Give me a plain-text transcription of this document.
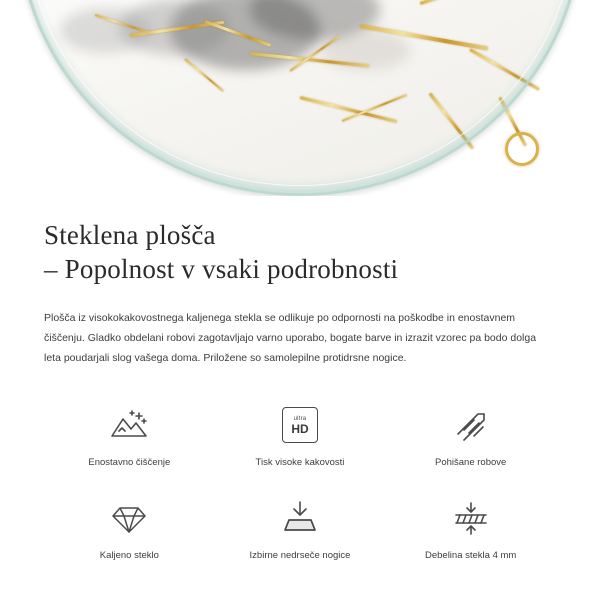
Steklena plošča
– Popolnost v vsaki podrobnosti

Plošča iz visokokakovostnega kaljenega stekla se odlikuje po odpornosti na poškodbe in enostavnem čiščenju. Gladko obdelani robovi zagotavljajo varno uporabo, bogate barve in izrazit vzorec pa bodo dolga leta poudarjali slog vašega doma. Priložene so samolepilne protidrsne nogice.

Enostavno čiščenje
ultra
HD
Tisk visoke kakovosti	Pohišane robove
Kaljeno steklo	Izbirne nedrseče nogice	Debelina stekla 4 mm
